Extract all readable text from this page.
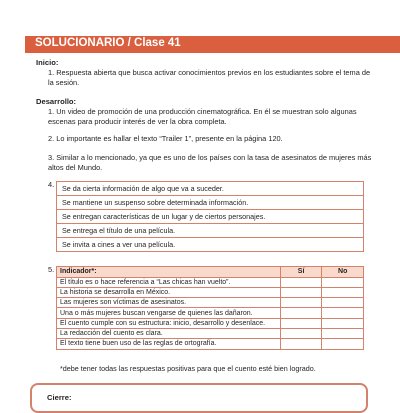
SOLUCIONARIO / Clase 41
Inicio:
1. Respuesta abierta que busca activar conocimientos previos en los estudiantes sobre el tema de
la sesión.
Desarrollo:
1. Un video de promoción de una producción cinematográfica. En él se muestran solo algunas
escenas para producir interés de ver la obra completa.
2. Lo importante es hallar el texto “Trailer 1”, presente en la página 120.
3. Similar a lo mencionado, ya que es uno de los países con la tasa de asesinatos de mujeres más
altos del Mundo.
4.	Se da cierta información de algo que va a suceder.
Se mantiene un suspenso sobre determinada información.
Se entregan características de un lugar y de ciertos personajes.
Se entrega el título de una película.
Se invita a cines a ver una película.
5. Indicador*:	Sí	No
El título es o hace referencia a “Las chicas han vuelto”.		
La historia se desarrolla en México.		
Las mujeres son víctimas de asesinatos.		
Una o más mujeres buscan vengarse de quienes las dañaron.		
El cuento cumple con su estructura: inicio, desarrollo y desenlace.		
La redacción del cuento es clara.		
El texto tiene buen uso de las reglas de ortografía.		
*debe tener todas las respuestas positivas para que el cuento esté bien logrado.
Cierre:
